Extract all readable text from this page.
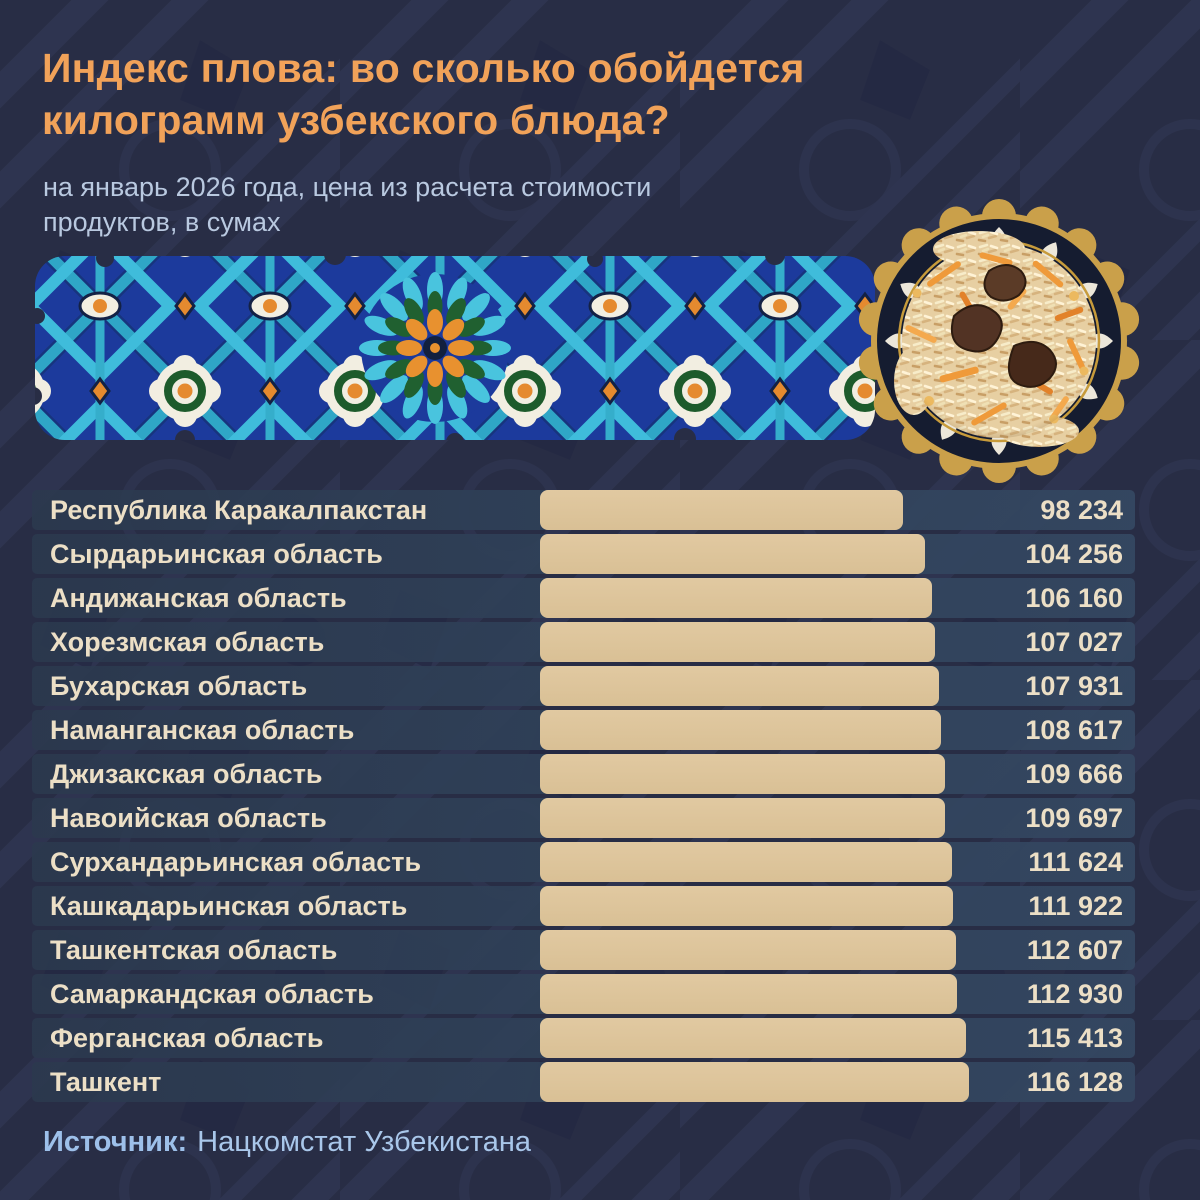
Индекс плова: во сколько обойдется
килограмм узбекского блюда?
на январь 2026 года, цена из расчета стоимости
продуктов, в сумах
Республика Каракалпакстан	98 234
Сырдарьинская область	104 256
Андижанская область	106 160
Хорезмская область	107 027
Бухарская область	107 931
Наманганская область	108 617
Джизакская область	109 666
Навоийская область	109 697
Сурхандарьинская область	111 624
Кашкадарьинская область	111 922
Ташкентская область	112 607
Самаркандская область	112 930
Ферганская область	115 413
Ташкент	116 128
Источник: Нацкомстат Узбекистана
